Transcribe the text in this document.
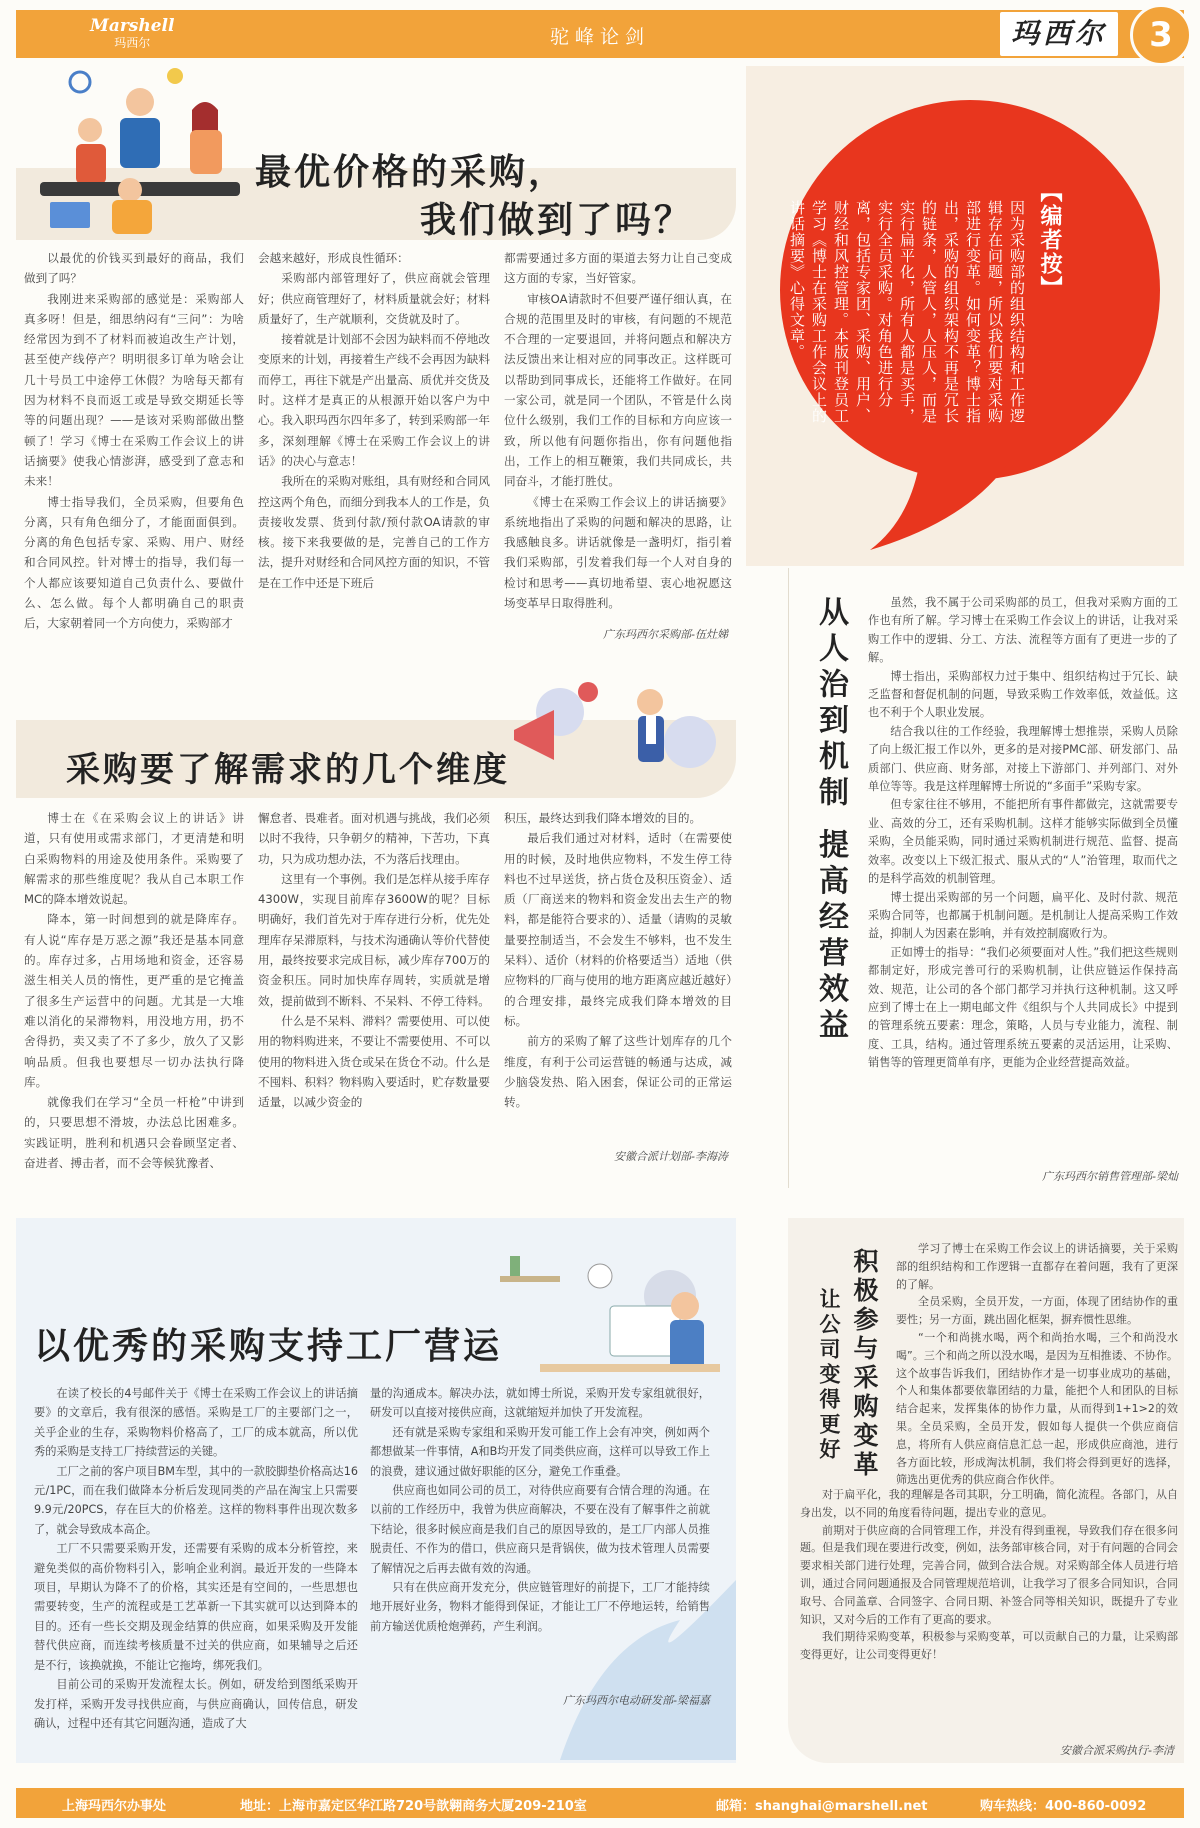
Marshell
玛西尔	驼峰论剑	玛西尔	3
最优价格的采购，
我们做到了吗？

以最优的价钱买到最好的商品，我们做到了吗？

我刚进来采购部的感觉是：采购部人真多呀！但是，细思纳闷有“三问”：为啥经常因为到不了材料而被追改生产计划，甚至使产线停产？明明很多订单为啥会让几十号员工中途停工休假？为啥每天都有因为材料不良而返工或是导致交期延长等等的问题出现？——是该对采购部做出整顿了！学习《博士在采购工作会议上的讲话摘要》使我心情澎湃，感受到了意志和未来！

博士指导我们，全员采购，但要角色分离，只有角色细分了，才能面面俱到。分离的角色包括专家、采购、用户、财经和合同风控。针对博士的指导，我们每一个人都应该要知道自己负责什么、要做什么、怎么做。每个人都明确自己的职责后，大家朝着同一个方向使力，采购部才

会越来越好，形成良性循环：

采购部内部管理好了，供应商就会管理好；供应商管理好了，材料质量就会好；材料质量好了，生产就顺利，交货就及时了。

接着就是计划部不会因为缺料而不停地改变原来的计划，再接着生产线不会再因为缺料而停工，再往下就是产出量高、质优并交货及时。这样才是真正的从根源开始以客户为中心。我入职玛西尔四年多了，转到采购部一年多，深刻理解《博士在采购工作会议上的讲话》的决心与意志！

我所在的采购对账组，具有财经和合同风控这两个角色，而细分到我本人的工作是，负责接收发票、货到付款/预付款OA请款的审核。接下来我要做的是，完善自己的工作方法，提升对财经和合同风控方面的知识，不管是在工作中还是下班后

都需要通过多方面的渠道去努力让自己变成这方面的专家，当好管家。

审核OA请款时不但要严谨仔细认真，在合规的范围里及时的审核，有问题的不规范不合理的一定要退回，并将问题点和解决方法反馈出来让相对应的同事改正。这样既可以帮助到同事成长，还能将工作做好。在同一家公司，就是同一个团队，不管是什么岗位什么级别，我们工作的目标和方向应该一致，所以他有问题你指出，你有问题他指出，工作上的相互鞭策，我们共同成长，共同奋斗，才能打胜仗。

《博士在采购工作会议上的讲话摘要》系统地指出了采购的问题和解决的思路，让我感触良多。讲话就像是一盏明灯，指引着我们采购部，引发着我们每一个人对自身的检讨和思考——真切地希望、衷心地祝愿这场变革早日取得胜利。

广东玛西尔采购部-伍灶娣
【编者按】
因为采购部的组织结构和工作逻辑存在问题，所以我们要对采购部进行变革。如何变革？博士指出，采购的组织架构不再是冗长的链条，人管人，人压人，而是实行扁平化，所有人都是买手，实行全员采购。对角色进行分离，包括专家团、采购、用户、财经和风控管理。本版刊登员工学习《博士在采购工作会议上的讲话摘要》心得文章。
采购要了解需求的几个维度

博士在《在采购会议上的讲话》讲道，只有使用或需求部门，才更清楚和明白采购物料的用途及使用条件。采购要了解需求的那些维度呢？我从自己本职工作MC的降本增效说起。

降本，第一时间想到的就是降库存。有人说“库存是万恶之源”我还是基本同意的。库存过多，占用场地和资金，还容易滋生相关人员的惰性，更严重的是它掩盖了很多生产运营中的问题。尤其是一大堆难以消化的呆滞物料，用没地方用，扔不舍得扔，卖又卖了不了多少，放久了又影响品质。但我也要想尽一切办法执行降库。

就像我们在学习“全员一杆枪”中讲到的，只要思想不滑坡，办法总比困难多。实践证明，胜利和机遇只会眷顾坚定者、奋进者、搏击者，而不会等候犹豫者、

懈怠者、畏难者。面对机遇与挑战，我们必须以时不我待，只争朝夕的精神，下苦功，下真功，只为成功想办法，不为落后找理由。

这里有一个事例。我们是怎样从接手库存4300W，实现目前库存3600W的呢？目标明确好，我们首先对于库存进行分析，优先处理库存呆滞原料，与技术沟通确认等价代替使用，最终按要求完成目标，减少库存700万的资金积压。同时加快库存周转，实质就是增效，提前做到不断料、不呆料、不停工待料。

什么是不呆料、滞料？需要使用、可以使用的物料购进来，不要让不需要使用、不可以使用的物料进入货仓或呆在货仓不动。什么是不囤料、积料？物料购入要适时，贮存数量要适量，以减少资金的

积压，最终达到我们降本增效的目的。

最后我们通过对材料，适时（在需要使用的时候，及时地供应物料，不发生停工待料也不过早送货，挤占货仓及积压资金）、适质（厂商送来的物料和资金发出去生产的物料，都是能符合要求的）、适量（请购的灵敏量要控制适当，不会发生不够料，也不发生呆料）、适价（材料的价格要适当）适地（供应物料的厂商与使用的地方距离应越近越好）的合理安排，最终完成我们降本增效的目标。

前方的采购了解了这些计划库存的几个维度，有利于公司运营链的畅通与达成，减少脑袋发热、陷入困套，保证公司的正常运转。

安徽合派计划部-李海涛
从人治到机制 提高经营效益	虽然，我不属于公司采购部的员工，但我对采购方面的工作也有所了解。学习博士在采购工作会议上的讲话，让我对采购工作中的逻辑、分工、方法、流程等方面有了更进一步的了解。

博士指出，采购部权力过于集中、组织结构过于冗长、缺乏监督和督促机制的问题，导致采购工作效率低，效益低。这也不利于个人职业发展。

结合我以往的工作经验，我理解博士想推崇，采购人员除了向上级汇报工作以外，更多的是对接PMC部、研发部门、品质部门、供应商、财务部，对接上下游部门、并列部门、对外单位等等。我是这样理解博士所说的“多面手”采购专家。

但专家往往不够用，不能把所有事件都做完，这就需要专业、高效的分工，还有采购机制。这样才能够实际做到全员懂采购，全员能采购，同时通过采购机制进行规范、监督、提高效率。改变以上下级汇报式、服从式的“人”治管理，取而代之的是科学高效的机制管理。

博士提出采购部的另一个问题，扁平化、及时付款、规范采购合同等，也都属于机制问题。是机制让人提高采购工作效益，抑制人为因素在影响，并有效控制腐败行为。

正如博士的指导：“我们必须要面对人性。”我们把这些规则都制定好，形成完善可行的采购机制，让供应链运作保持高效、规范，让公司的各个部门都学习并执行这种机制。这又呼应到了博士在上一期电邮文件《组织与个人共同成长》中提到的管理系统五要素：理念，策略，人员与专业能力，流程、制度、工具，结构。通过管理系统五要素的灵活运用，让采购、销售等的管理更简单有序，更能为企业经营提高效益。

广东玛西尔销售管理部-梁灿
以优秀的采购支持工厂营运

在读了校长的4号邮件关于《博士在采购工作会议上的讲话摘要》的文章后，我有很深的感悟。采购是工厂的主要部门之一，关乎企业的生存，采购物料价格高了，工厂的成本就高，所以优秀的采购是支持工厂持续营运的关键。

工厂之前的客户项目BM车型，其中的一款胶脚垫价格高达16元/1PC，而在我们做降本分析后发现同类的产品在淘宝上只需要9.9元/20PCS，存在巨大的价格差。这样的物料事件出现次数多了，就会导致成本高企。

工厂不只需要采购开发，还需要有采购的成本分析管控，来避免类似的高价物料引入，影响企业利润。最近开发的一些降本项目，早期认为降不了的价格，其实还是有空间的，一些思想也需要转变，生产的流程或是工艺革新一下其实就可以达到降本的目的。还有一些长交期及现金结算的供应商，如果采购及开发能替代供应商，而连续考核质量不过关的供应商，如果辅导之后还是不行，该换就换，不能让它拖垮，绑死我们。

目前公司的采购开发流程太长。例如，研发给到图纸采购开发打样，采购开发寻找供应商，与供应商确认，回传信息，研发确认，过程中还有其它问题沟通，造成了大

量的沟通成本。解决办法，就如博士所说，采购开发专家组就很好，研发可以直接对接供应商，这就缩短并加快了开发流程。

还有就是采购专家组和采购开发可能工作上会有冲突，例如两个都想做某一件事情，A和B均开发了同类供应商，这样可以导致工作上的浪费，建议通过做好职能的区分，避免工作重叠。

供应商也如同公司的员工，对待供应商要有合情合理的沟通。在以前的工作经历中，我曾为供应商解决，不要在没有了解事件之前就下结论，很多时候应商是我们自己的原因导致的，是工厂内部人员推脱责任、不作为的借口，供应商只是背锅侠，做为技术管理人员需要了解情况之后再去做有效的沟通。

只有在供应商开发充分，供应链管理好的前提下，工厂才能持续地开展好业务，物料才能得到保证，才能让工厂不停地运转，给销售前方输送优质枪炮弹药，产生利润。

广东玛西尔电动研发部-梁福嘉
积极参与采购变革
让公司变得更好

学习了博士在采购工作会议上的讲话摘要，关于采购部的组织结构和工作逻辑一直都存在着问题，我有了更深的了解。

全员采购，全员开发，一方面，体现了团结协作的重要性；另一方面，跳出固化框架，摒弃惯性思维。

“一个和尚挑水喝，两个和尚抬水喝，三个和尚没水喝”。三个和尚之所以没水喝，是因为互相推诿、不协作。这个故事告诉我们，团结协作才是一切事业成功的基础，个人和集体都要依靠团结的力量，能把个人和团队的目标结合起来，发挥集体的协作力量，从而得到1+1>2的效果。全员采购，全员开发，假如每人提供一个供应商信息，将所有人供应商信息汇总一起，形成供应商池，进行各方面比较，形成淘汰机制，我们将会得到更好的选择，筛选出更优秀的供应商合作伙伴。

对于扁平化，我的理解是各司其职，分工明确，简化流程。各部门，从自身出发，以不同的角度看待问题，提出专业的意见。

前期对于供应商的合同管理工作，并没有得到重视，导致我们存在很多问题。但是我们现在要进行改变，例如，法务部审核合同，对于有问题的合同会要求相关部门进行处理，完善合同，做到合法合规。对采购部全体人员进行培训，通过合同问题通报及合同管理规范培训，让我学习了很多合同知识，合同取号、合同盖章、合同签字、合同日期、补签合同等相关知识，既提升了专业知识，又对今后的工作有了更高的要求。

我们期待采购变革，积极参与采购变革，可以贡献自己的力量，让采购部变得更好，让公司变得更好！

安徽合派采购执行-李清
上海玛西尔办事处	地址：上海市嘉定区华江路720号歆翱商务大厦209-210室	邮箱：shanghai@marshell.net	购车热线：400-860-0092
